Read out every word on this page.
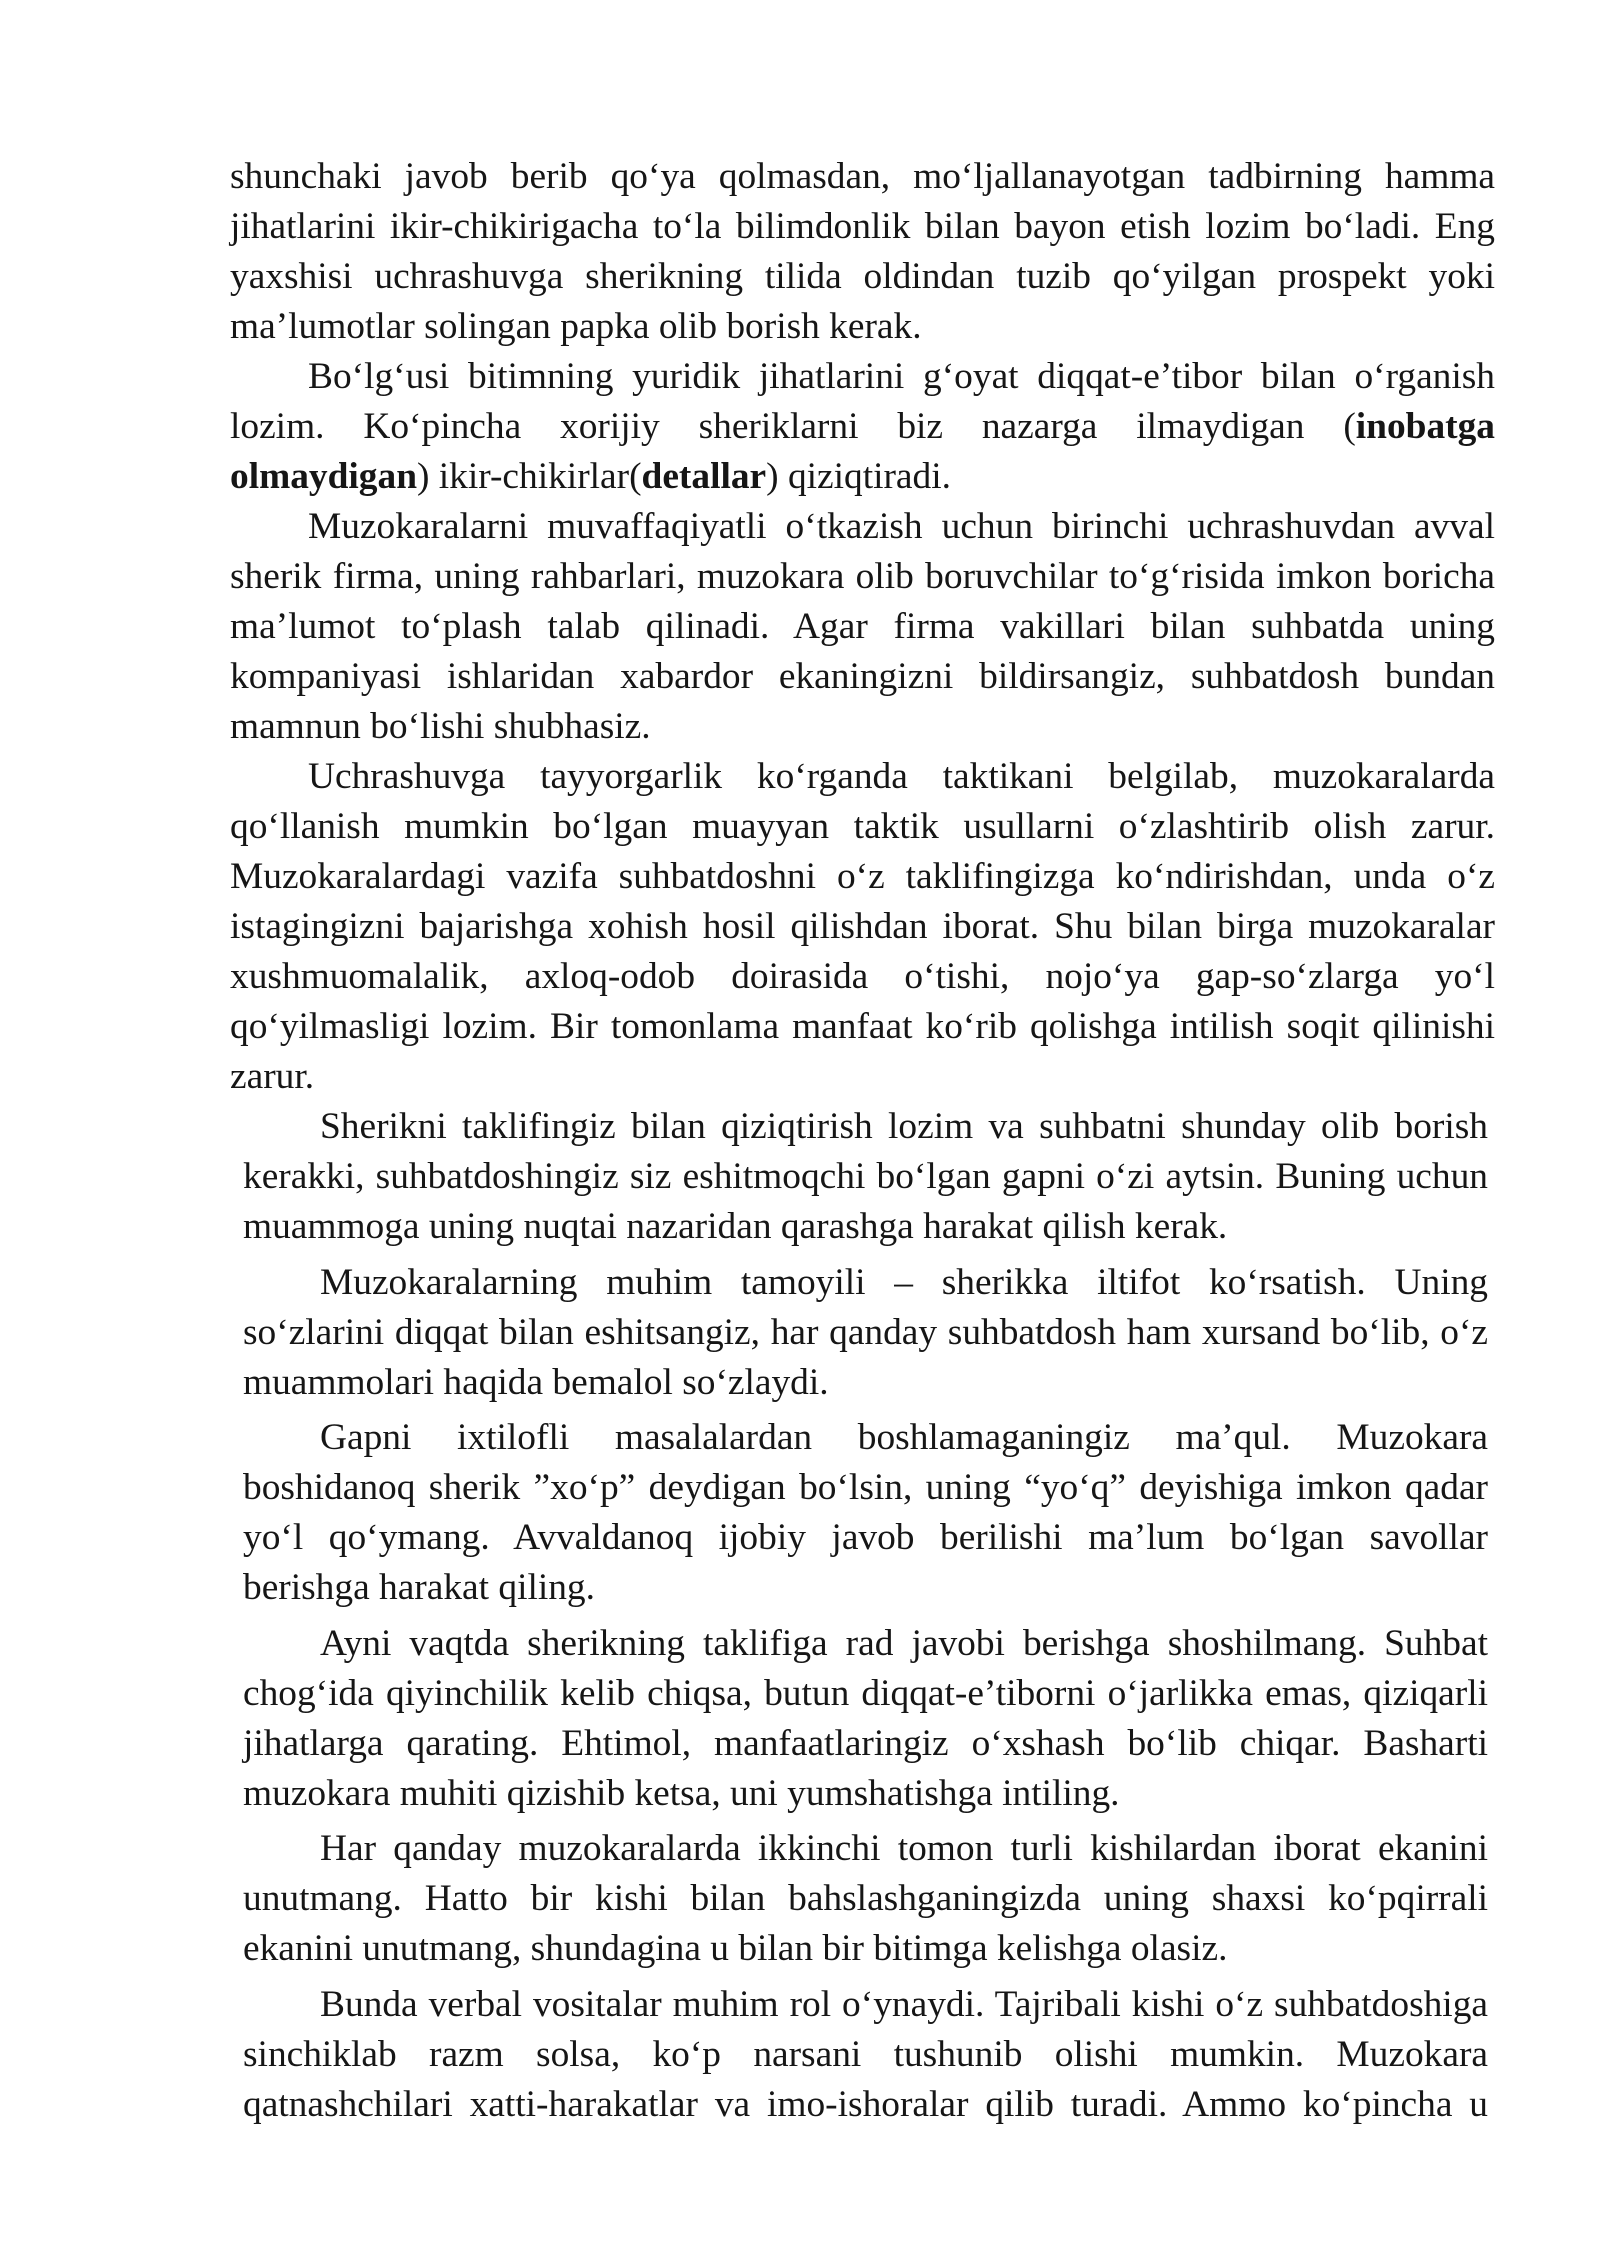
shunchaki javob berib qo‘ya qolmasdan, mo‘ljallanayotgan tadbirning hamma
jihatlarini ikir-chikirigacha to‘la bilimdonlik bilan bayon etish lozim bo‘ladi. Eng
yaxshisi uchrashuvga sherikning tilida oldindan tuzib qo‘yilgan prospekt yoki
ma’lumotlar solingan papka olib borish kerak.
Bo‘lg‘usi bitimning yuridik jihatlarini g‘oyat diqqat-e’tibor bilan o‘rganish
lozim. Ko‘pincha xorijiy sheriklarni biz nazarga ilmaydigan (inobatga
olmaydigan) ikir-chikirlar(detallar) qiziqtiradi.
Muzokaralarni muvaffaqiyatli o‘tkazish uchun birinchi uchrashuvdan avval
sherik firma, uning rahbarlari, muzokara olib boruvchilar to‘g‘risida imkon boricha
ma’lumot to‘plash talab qilinadi. Agar firma vakillari bilan suhbatda uning
kompaniyasi ishlaridan xabardor ekaningizni bildirsangiz, suhbatdosh bundan
mamnun bo‘lishi shubhasiz.
Uchrashuvga tayyorgarlik ko‘rganda taktikani belgilab, muzokaralarda
qo‘llanish mumkin bo‘lgan muayyan taktik usullarni o‘zlashtirib olish zarur.
Muzokaralardagi vazifa suhbatdoshni o‘z taklifingizga ko‘ndirishdan, unda o‘z
istagingizni bajarishga xohish hosil qilishdan iborat. Shu bilan birga muzokaralar
xushmuomalalik, axloq-odob doirasida o‘tishi, nojo‘ya gap-so‘zlarga yo‘l
qo‘yilmasligi lozim. Bir tomonlama manfaat ko‘rib qolishga intilish soqit qilinishi
zarur.
Sherikni taklifingiz bilan qiziqtirish lozim va suhbatni shunday olib borish
kerakki, suhbatdoshingiz siz eshitmoqchi bo‘lgan gapni o‘zi aytsin. Buning uchun
muammoga uning nuqtai nazaridan qarashga harakat qilish kerak.
Muzokaralarning muhim tamoyili – sherikka iltifot ko‘rsatish. Uning
so‘zlarini diqqat bilan eshitsangiz, har qanday suhbatdosh ham xursand bo‘lib, o‘z
muammolari haqida bemalol so‘zlaydi.
Gapni ixtilofli masalalardan boshlamaganingiz ma’qul. Muzokara
boshidanoq sherik ”xo‘p” deydigan bo‘lsin, uning “yo‘q” deyishiga imkon qadar
yo‘l qo‘ymang. Avvaldanoq ijobiy javob berilishi ma’lum bo‘lgan savollar
berishga harakat qiling.
Ayni vaqtda sherikning taklifiga rad javobi berishga shoshilmang. Suhbat
chog‘ida qiyinchilik kelib chiqsa, butun diqqat-e’tiborni o‘jarlikka emas, qiziqarli
jihatlarga qarating. Ehtimol, manfaatlaringiz o‘xshash bo‘lib chiqar. Basharti
muzokara muhiti qizishib ketsa, uni yumshatishga intiling.
Har qanday muzokaralarda ikkinchi tomon turli kishilardan iborat ekanini
unutmang. Hatto bir kishi bilan bahslashganingizda uning shaxsi ko‘pqirrali
ekanini unutmang, shundagina u bilan bir bitimga kelishga olasiz.
Bunda verbal vositalar muhim rol o‘ynaydi. Tajribali kishi o‘z suhbatdoshiga
sinchiklab razm solsa, ko‘p narsani tushunib olishi mumkin. Muzokara
qatnashchilari xatti-harakatlar va imo-ishoralar qilib turadi. Ammo ko‘pincha u
